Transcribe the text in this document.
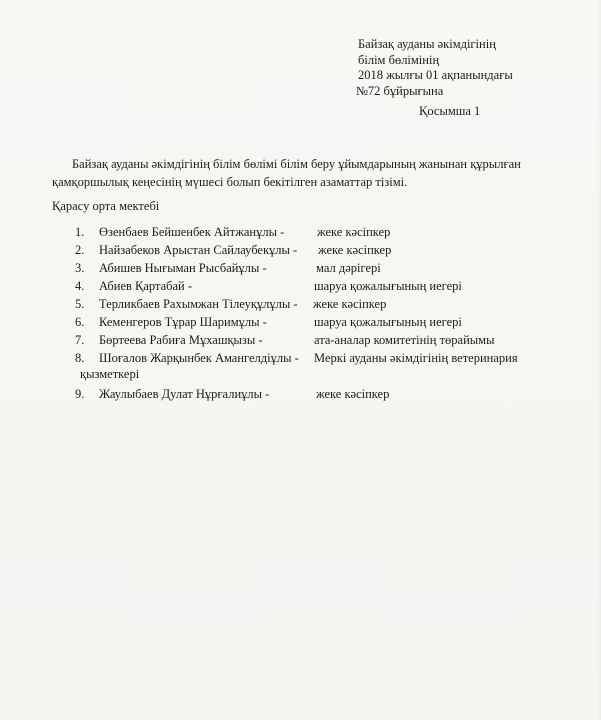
Байзақ ауданы әкімдігінің
білім бөлімінің
2018 жылғы 01 ақпанындағы
№72 бұйрығына
Қосымша 1
Байзақ ауданы әкімдігінің білім бөлімі білім беру ұйымдарының жанынан құрылған
қамқоршылық кеңесінің мүшесі болып бекітілген азаматтар тізімі.
Қарасу орта мектебі
1.	Өзенбаев Бейшенбек Айтжанұлы -	жеке кәсіпкер
2.	Найзабеков Арыстан Сайлаубекұлы - жеке кәсіпкер
3.	Абишев Нығыман Рысбайұлы -	мал дәрігері
4.	Абиев Қартабай -	шаруа қожалығының иегері
5.	Терликбаев Рахымжан Тілеуқұлұлы - жеке кәсіпкер
6.	Кеменгеров Тұрар Шаримұлы -	шаруа қожалығының иегері
7.	Бөртеева Рабиға Мұхашқызы -	ата-аналар комитетінің төрайымы
8.	Шоғалов Жарқынбек Амангелдіұлы - Меркі ауданы әкімдігінің ветеринария
қызметкері
9.	Жаулыбаев Дулат Нұрғалиұлы -	жеке кәсіпкер
